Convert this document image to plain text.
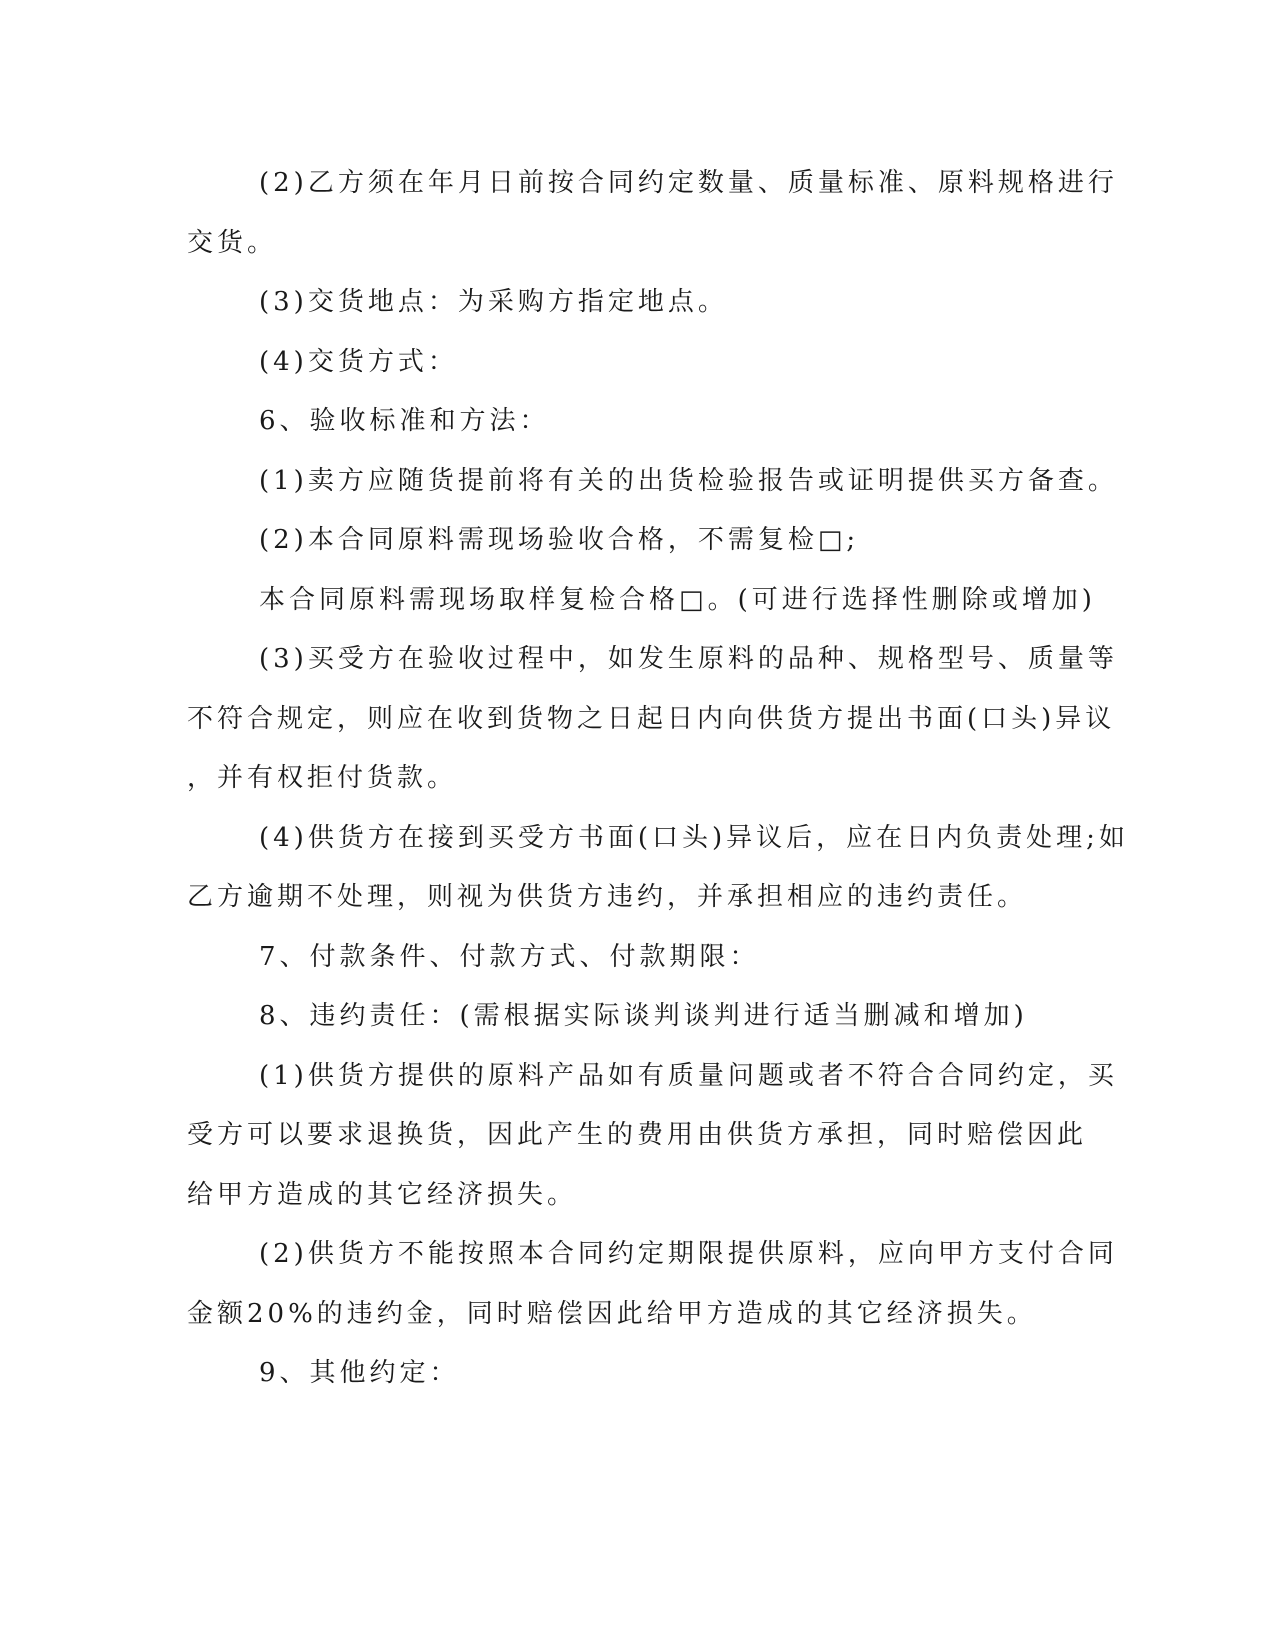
(2)乙方须在年月日前按合同约定数量、质量标准、原料规格进行
交货。
(3)交货地点：为采购方指定地点。
(4)交货方式：
6、验收标准和方法：
(1)卖方应随货提前将有关的出货检验报告或证明提供买方备查。
(2)本合同原料需现场验收合格，不需复检□;
本合同原料需现场取样复检合格□。(可进行选择性删除或增加)
(3)买受方在验收过程中，如发生原料的品种、规格型号、质量等
不符合规定，则应在收到货物之日起日内向供货方提出书面(口头)异议
，并有权拒付货款。
(4)供货方在接到买受方书面(口头)异议后，应在日内负责处理;如
乙方逾期不处理，则视为供货方违约，并承担相应的违约责任。
7、付款条件、付款方式、付款期限：
8、违约责任：(需根据实际谈判谈判进行适当删减和增加)
(1)供货方提供的原料产品如有质量问题或者不符合合同约定，买
受方可以要求退换货，因此产生的费用由供货方承担，同时赔偿因此
给甲方造成的其它经济损失。
(2)供货方不能按照本合同约定期限提供原料，应向甲方支付合同
金额20%的违约金，同时赔偿因此给甲方造成的其它经济损失。
9、其他约定：
